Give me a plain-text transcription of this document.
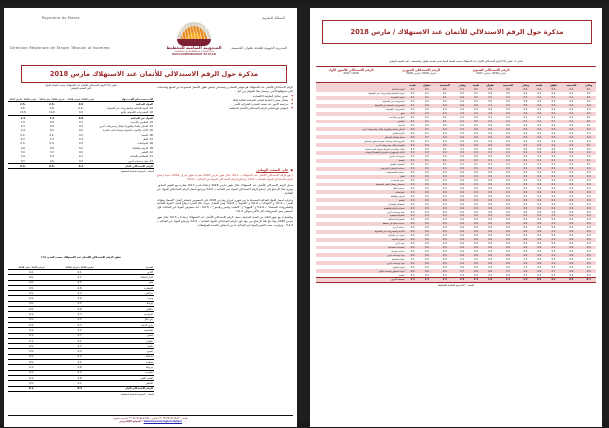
Royaume du Maroc	المملكة المغربية
المندوبية السامية للتخطيط
ⵜⴰⵎⵀⵍⴰ ⵜⴰⵏⴰⴼⵍⵍⴰⵜ ⵏ ⵓⵙⵖⵉⵡⵙ
HAUT-COMMISSARIAT AU PLAN
Direction Régionale de Tanger Tétouan al hoceima	المديرية الجهوية لطنجة تطوان الحسيمة
مذكرة حول الرقم الاستدلالي للأثمان عند الاستهلاك مارس 2018
تطور (%) الرقم الاستدلالي للأثمان عند الاستهلاك حسب أقسام المواد
على الصعيد الوطني
أقــــــســـــام المــــــواد	مارس 2018 / فبراير 2018	فبراير 2018 / يناير 2018	مارس 2018 / مارس 2017
المواد الغذائية	0.0	-2.5	-2.5
01- المواد الغذائية والمشروبات غير الكحولية	-0.2	-2.6	-2.6
02- المشروبات الكحولية والتبغ	0.0	12.8	12.8
المواد غير الغذائية	0.0	1.4	1.5
03- الملابس والأحذية	0.1	0.6	1.6
04- السكن والماء والكهرباء والغاز ومحروقات أخرى	0.0	0.6	0.7
05- الأثاث والأدوات المنزلية وصيانة البيت العادية	0.0	0.5	0.4
06- الصحة	0.0	-0.2	-0.2
07- النقل	0.3	2.3	2.5
08- المواصلات	0.0	-0.3	-0.3
09- الترفيه والثقافة	0.0	0.6	0.6
10- التعليم	0.0	3.0	3.0
11- المطاعم والفنادق	0.1	1.8	1.8
12- مواد وخدمات أخرى	0.0	0.6	0.5
الرقم الاستدلالي العام	0.1	-0.5	-0.4
المصدر : المندوبية السامية للتخطيط
الرقم الاستدلالي للأثمان عند الاستهلاك هو مؤشر اقتصادي واجتماعي يلخص تطور الأسعار لمجموعة من السلع والخدمات التي تستهلكها الأسر. ويحصل هذا المؤشر من أجل :
● تحيين تحاليل الظرفية الاقتصادية
● يشكل مصدرا أساسيا لقياس السياسة المالية للبلاد
● مراجعة الأجور عند ضعف المقدرة الشرائية للأسر
● كمؤشر تابع لقياس الرقم الاستدلالي للأسعار المختلفة
●
على الصعيد الوطني
ارتفع الرقم الاستدلالي للأثمان عند الاستهلاك بـ 0.1% خلال شهر مارس 2018 مقارنة بشهر فبراير 2018، نتيجة ارتفاع الرقم الاستدلالي للمواد الغذائية بـ 0.0% وارتفاع الرقم الاستدلالي للمواد غير الغذائية بـ 0.0%.
سجل الرقم الاستدلالي للأثمان عند الاستهلاك خلال شهر مارس 2018 ارتفاعا قدره 0.1% مقارنة مع الشهر السابق. ويعزى هذا الارتفاع إلى ارتفاع الرقم الاستدلالي للمواد غير الغذائية بـ 0.0% وتراجع أسعار الرقم الاستدلالي للمواد غير الغذائية.
وعرفت أسعار المواد الغذائية المسجلة ما بين شهري فبراير ومارس 2018 على الخصوص انخفاض أثمان "السمك وفواكه البحر" بـ 1.0% و "الفواكه" بـ 0.9% و "اللحوم" بـ 0.6%. وفي المقابل عرفت تلك الفترة ارتفاع أثمان "المواد الغذائية والمشروبات المحملة" بـ 1.6% و "القهوة" و "الحليب والجبن والبيض" بـ 0.5% . أما بخصوص المواد غير الغذائية، فإن انخفاض سعر المحروقات كان الأكبر بحوالي 1.2%.
وبالمقارنة مع شهر الثلاثة من السنة السابقة، سجل الرقم الاستدلالي للأثمان عند الاستهلاك ارتفاعا بـ 0.5% خلال شهر مارس 2018، وقد نتج هذا الارتفاع من جهة كون الرقم الاستدلالي للمواد الغذائية بـ 2.5% وارتفاع المواد غير الغذائية بـ 1.4% ، وتراوحت نسب التغيير للمواد غير الغذائية ما بين انخفاض بالنسبة للمواصلات.
تطور الرقم الاستدلالي للأثمان عند الاستهلاك حسب المدن (%)
المدينة	مارس 2018 / فبراير 2018	فبراير 2018 / يناير 2018
أكادير	0.1	-0.2
الدار البيضاء	0.7	-0.6
فاس	0.5	-0.0
القنيطرة	0.8	-0.5
مراكش	0.3	-0.5
وجدة	0.9	-0.2
الرباط	0.5	-0.0
مكناس	0.8	-0.5
الرشيدية	0.3	-0.4
بني ملال	0.5	-0.5
وادي الذهب	0.3	-0.4
الحسيمة	0.2	-0.4
أسفي	0.7	-0.3
تطوان	0.1	-0.1
طنجة	0.7	-0.5
العيون	0.4	-0.5
الداخلة	0.4	-0.5
سطات	0.1	-0.5
خريبكة	0.8	-0.3
الجديدة	0.4	-0.4
القصر الكبير	0.8	-0.4
الناظور	0.1	-0.5
الرقم الاستدلالي العام	0.4	-0.1
المصدر : المندوبية السامية للتخطيط
الهاتف : 05.39.94.16.07 *** الفاكس : 05.39.94.13.04 *** المديرية الجهوية
الموقع الإلكتروني : www.hcp.ma/region-tanger
مذكرة حول الرقم الاستدلالي للأثمان عند الاستهلاك / مارس 2018
ملحق 1 : تطور (%) الرقم الاستدلالي للأثمان عند الاستهلاك حسب أقسام المواد لمدن طنجة، تطوان والحسيمة ، على الصعيد الوطني
الرقم الاستدلالي للأشهر الأول
2018 / 2017
الرقم الاستدلالي الشهري
فبراير 2018 / مارس 2018
الرقم الاستدلالي السنوي
مارس 2018 / مارس 2017
وطني	الحسيمة	تطوان	طنجة	وطني	الحسيمة	تطوان	طنجة	وطني	الحسيمة	تطوان	طنجة	
0.1	0.2	0.4	0.4	0.4	0.6	0.5	0.2	0.1	0.1	0.1	0.1	المواد الغذائية
0.2	0.1	0.4	0.4	0.4	0.5	0.4	0.2	0.2	0.1	0.1	0.2	المواد الغذائية والمشروبات غير الكحولية
0.1	0.1	0.1	0.1	0.3	0.1	0.1	0.2	0.4	0.1	0.1	0.1	المواد الكحولية
0.4	0.4	0.5	0.4	0.6	0.2	0.5	0.4	0.4	0.4	0.4	0.4	المشروبات غير الكحولية
0.4	0.4	0.4	0.4	0.6	2.3	2.1	0.4	0.4	0.4	0.4	2.1	المشروبات المحملة غير الكحولية
0.4	0.4	0.4	0.4	0.4	0.4	0.4	0.4	0.4	0.4	0.4	0.4	المشروبات الكحولية
0.4	0.4	0.4	0.4	2.4	2.4	2.4	2.4	2.4	2.4	2.4	2.4	التبغ
0.1	0.2	0.1	0.1	0.1	0.1	0.1	0.4	0.1	0.1	0.1	0.1	الملابس والأحذية
0.1	0.1	0.1	0.1	0.1	0.1	0.1	0.2	0.1	0.1	0.1	0.1	الملابس
0.1	0.4	0.4	0.4	0.4	0.4	0.4	0.4	0.4	0.4	0.4	0.4	الأحذية
0.2	0.4	0.4	0.4	0.4	0.4	0.4	0.4	0.2	0.4	0.1	0.4	السكن والماء والكهرباء والغاز ومحروقات أخرى
0.4	0.4	0.4	0.4	0.4	0.4	0.4	0.4	0.4	0.4	0.1	0.4	الكراء الفعلي
0.4	0.4	0.4	0.4	0.4	0.4	0.4	0.4	0.4	0.4	0.7	0.4	صيانة وإصلاح المسكن
0.4	0.4	0.4	0.4	0.4	0.4	0.4	0.4	0.4	0.4	0.4	0.4	التوزيع بالماء وخدمات متنوعة تتعلق بالمسكن
0.1	0.4	0.4	0.4	0.1	0.4	0.4	0.4	0.4	0.4	0.4	0.4	الكهرباء والغاز ومحروقات أخرى
0.4	0.4	0.4	0.4	0.4	0.4	0.4	0.4	0.1	0.1	0.4	0.4	الأثاث والأدوات المنزلية وصيانة البيت العادية
0.4	0.4	0.4	0.4	0.4	0.4	0.4	0.4	0.4	0.4	0.4	0.4	الأثاث والتجهيزات المنزلية وأغطية الأرضيات
0.4	0.4	0.4	0.4	0.4	0.4	0.4	0.4	0.4	0.4	0.4	0.4	مفروشات المنزل
0.1	0.1	0.1	0.1	0.1	0.2	0.1	0.2	0.1	0.1	0.1	0.1	الصحة
0.1	0.1	0.1	0.1	0.1	0.1	0.1	0.1	0.1	0.1	0.1	0.1	المنتجات الطبية
0.4	0.4	0.4	0.4	0.4	0.4	0.4	0.4	0.4	0.4	0.4	0.4	خدمات المرضى الخارجيين
0.4	0.4	0.4	0.4	0.4	0.4	0.4	0.4	0.4	0.4	0.4	0.4	خدمات المستشفيات
0.4	0.4	0.4	0.4	0.4	0.4	0.4	0.4	0.4	0.4	0.4	0.4	النقل
0.4	0.4	0.4	0.4	0.4	0.4	0.4	0.4	0.4	0.4	0.4	0.4	شراء السيارات
0.4	0.4	0.4	0.4	0.4	0.4	0.4	0.4	0.4	0.4	0.4	0.4	استعمال وسائل النقل الشخصية
0.4	0.4	0.4	0.4	0.4	0.4	0.4	0.4	0.4	0.4	0.4	0.4	خدمات النقل
0.4	0.4	0.4	0.4	0.4	0.4	0.4	0.4	0.4	0.4	0.4	0.4	المواصلات
0.4	0.4	0.4	0.4	0.4	0.4	0.4	0.4	0.4	0.4	0.4	0.4	الترفيه والثقافة
0.4	0.4	0.4	0.4	0.4	0.4	0.4	0.4	0.4	0.4	0.4	0.4	التعليم
0.4	0.4	0.4	0.4	0.4	0.4	0.4	0.4	0.4	0.4	0.4	0.4	المطاعم والفنادق
0.4	0.4	0.4	0.4	0.4	0.4	0.4	0.4	0.4	0.4	0.4	0.4	خدمات الإيواء والإطعام
0.4	0.4	0.4	0.4	0.4	0.4	0.4	0.4	0.4	0.4	0.4	0.4	مواد وخدمات أخرى
0.4	0.4	0.4	0.4	0.4	0.4	0.4	0.4	0.4	0.4	0.4	0.4	العناية الشخصية
0.4	0.4	0.4	0.4	0.4	0.4	0.4	0.4	0.4	0.4	0.4	0.4	الحماية الاجتماعية
0.4	0.4	0.4	0.4	0.4	0.4	0.4	0.4	0.4	0.4	0.4	0.4	خدمات مالية غير مصنفة
0.4	0.4	0.4	0.4	0.4	0.4	0.4	0.4	0.4	0.4	0.4	0.4	خدمات أخرى
0.4	0.4	0.4	0.4	0.4	0.4	0.4	0.4	0.4	0.4	0.4	0.4	الأغذية والمشروبات غير الكحولية
0.4	0.4	0.4	0.4	0.4	0.4	0.4	0.4	0.4	0.4	0.4	0.4	المواد غير الغذائية
0.4	0.4	0.4	0.4	0.4	0.4	0.4	0.4	0.4	0.4	0.4	0.4	المواد الغذائية
0.4	0.4	0.4	0.4	0.4	0.4	0.4	0.4	0.4	0.4	0.4	0.4	مواد أخرى
0.4	0.4	0.4	0.4	0.4	0.4	0.4	0.4	0.4	0.4	0.4	0.4	المنتجات الصناعية
0.4	0.4	0.4	0.4	0.4	0.4	0.4	0.4	0.4	0.4	0.4	0.4	خدمات متنوعة
0.4	0.4	0.4	0.4	0.4	0.4	0.4	0.4	0.4	0.4	0.4	0.4	مواد وخدمات أخرى
0.4	0.4	0.4	0.4	1.1	0.4	0.4	2.4	1.1	0.4	0.4	1.1	المواد المحلية
0.4	0.4	0.4	0.4	0.4	0.4	0.4	0.4	0.4	0.4	0.4	0.4	مواد وخدمات أخرى
0.4	0.4	0.4	0.4	1.1	0.4	0.4	0.4	0.4	0.4	0.4	0.4	المواد الطرية
0.4	0.4	0.7	0.4	0.4	0.7	0.4	0.4	0.7	0.4	0.4	0.4	أدوات التجهيز ومعدات الإنتاج
0.4	0.4	0.4	0.4	0.4	0.4	0.4	0.4	0.4	0.4	0.4	0.4	التعليم
0.4	0.4	0.4	0.4	2.4	1.4	1.4	2.4	2.4	1.4	1.4	1.4	خدمات أخرى
المصدر : المندوبية السامية للتخطيط
